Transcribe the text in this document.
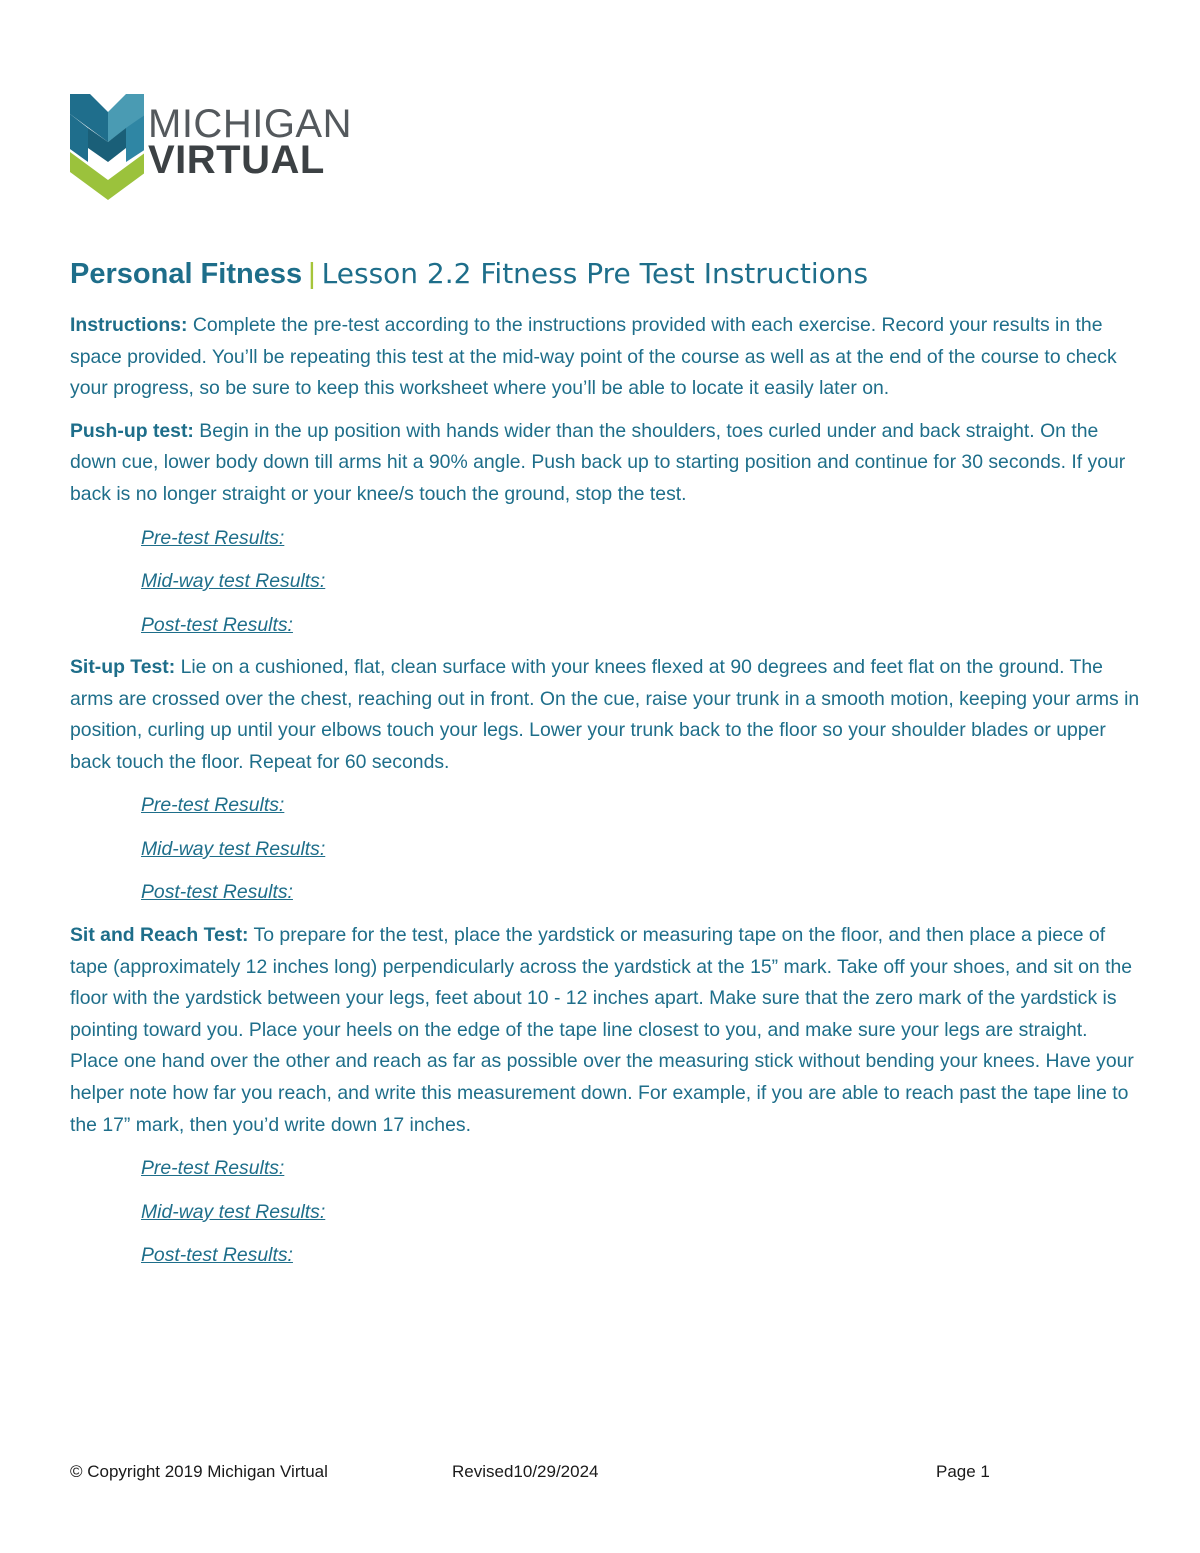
MICHIGAN
VIRTUAL
Personal Fitness | Lesson 2.2 Fitness Pre Test Instructions

Instructions: Complete the pre-test according to the instructions provided with each exercise. Record your results in the space provided. You’ll be repeating this test at the mid-way point of the course as well as at the end of the course to check your progress, so be sure to keep this worksheet where you’ll be able to locate it easily later on.

Push-up test: Begin in the up position with hands wider than the shoulders, toes curled under and back straight. On the down cue, lower body down till arms hit a 90% angle. Push back up to starting position and continue for 30 seconds. If your back is no longer straight or your knee/s touch the ground, stop the test.

Pre-test Results:
Mid-way test Results:
Post-test Results:

Sit-up Test: Lie on a cushioned, flat, clean surface with your knees flexed at 90 degrees and feet flat on the ground. The arms are crossed over the chest, reaching out in front. On the cue, raise your trunk in a smooth motion, keeping your arms in position, curling up until your elbows touch your legs. Lower your trunk back to the floor so your shoulder blades or upper back touch the floor. Repeat for 60 seconds.

Pre-test Results:
Mid-way test Results:
Post-test Results:

Sit and Reach Test: To prepare for the test, place the yardstick or measuring tape on the floor, and then place a piece of tape (approximately 12 inches long) perpendicularly across the yardstick at the 15” mark. Take off your shoes, and sit on the floor with the yardstick between your legs, feet about 10 - 12 inches apart. Make sure that the zero mark of the yardstick is pointing toward you. Place your heels on the edge of the tape line closest to you, and make sure your legs are straight. Place one hand over the other and reach as far as possible over the measuring stick without bending your knees. Have your helper note how far you reach, and write this measurement down. For example, if you are able to reach past the tape line to the 17” mark, then you’d write down 17 inches.

Pre-test Results:
Mid-way test Results:
Post-test Results:
© Copyright 2019 Michigan Virtual	Revised10/29/2024	Page 1
